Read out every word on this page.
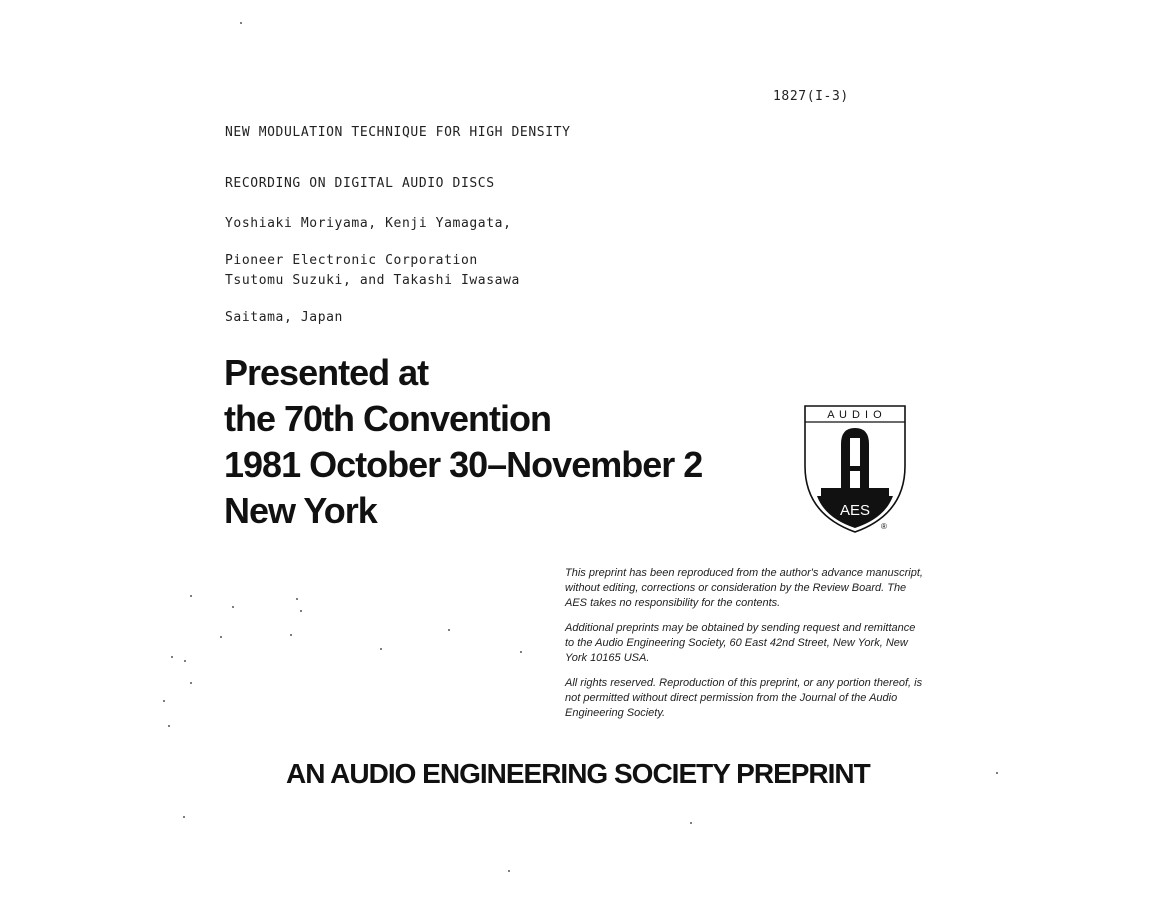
NEW MODULATION TECHNIQUE FOR HIGH DENSITY

RECORDING ON DIGITAL AUDIO DISCS

1827(I-3)

Yoshiaki Moriyama, Kenji Yamagata,

Tsutomu Suzuki, and Takashi Iwasawa

Pioneer Electronic Corporation

Saitama, Japan

Presented at
the 70th Convention
1981 October 30–November 2
New York
A U D I O
AES
®

This preprint has been reproduced from the author's advance manuscript, without editing, corrections or consideration by the Review Board. The AES takes no responsibility for the contents.

Additional preprints may be obtained by sending request and remittance to the Audio Engineering Society, 60 East 42nd Street, New York, New York 10165 USA.

All rights reserved. Reproduction of this preprint, or any portion thereof, is not permitted without direct permission from the Journal of the Audio Engineering Society.

AN AUDIO ENGINEERING SOCIETY PREPRINT
